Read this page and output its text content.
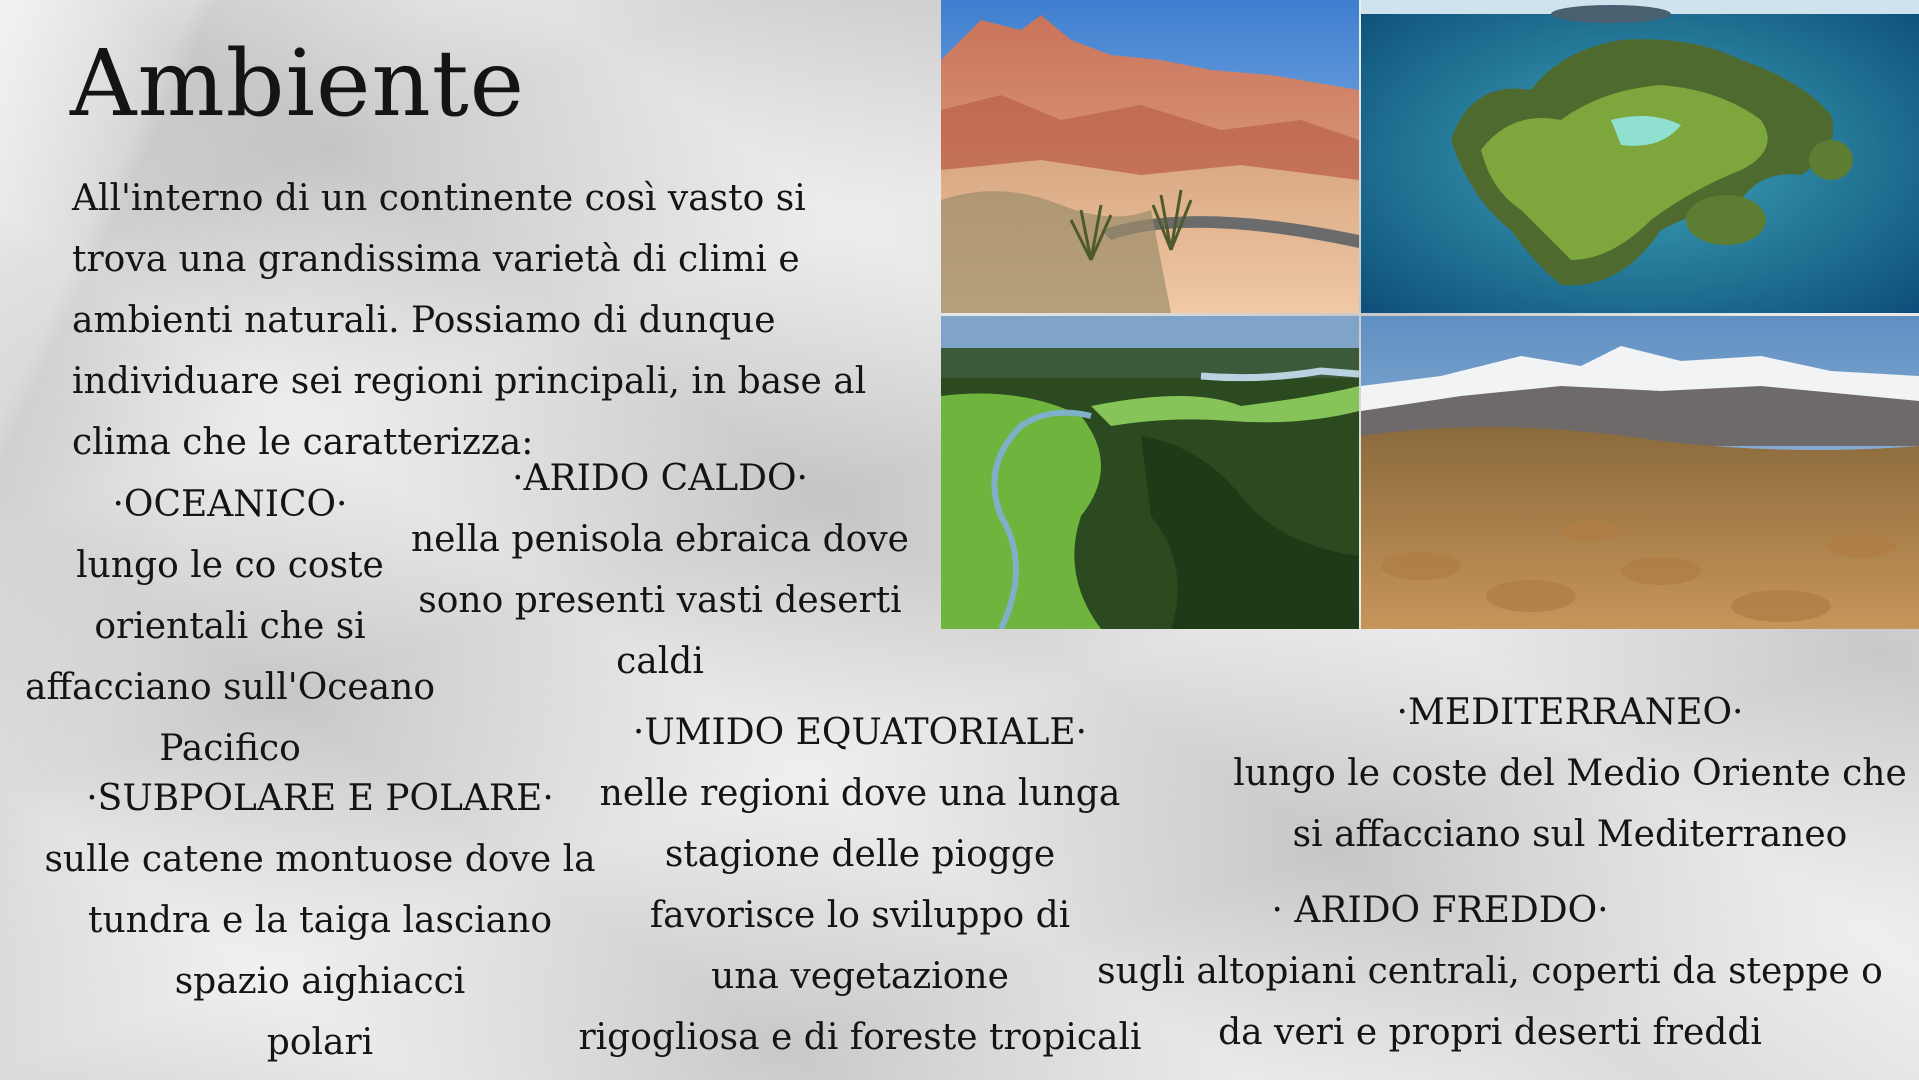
Ambiente
All'interno di un continente così vasto si
trova una grandissima varietà di climi e
ambienti naturali. Possiamo di dunque
individuare sei regioni principali, in base al
clima che le caratterizza:
·OCEANICO·
lungo le co coste
orientali che si
affacciano sull'Oceano
Pacifico
·ARIDO CALDO·
nella penisola ebraica dove
sono presenti vasti deserti
caldi
·SUBPOLARE E POLARE·
sulle catene montuose dove la
tundra e la taiga lasciano
spazio aighiacci
polari
·UMIDO EQUATORIALE·
nelle regioni dove una lunga
stagione delle piogge
favorisce lo sviluppo di
una vegetazione
rigogliosa e di foreste tropicali
·MEDITERRANEO·
lungo le coste del Medio Oriente che
si affacciano sul Mediterraneo
· ARIDO FREDDO·
sugli altopiani centrali, coperti da steppe o
da veri e propri deserti freddi
